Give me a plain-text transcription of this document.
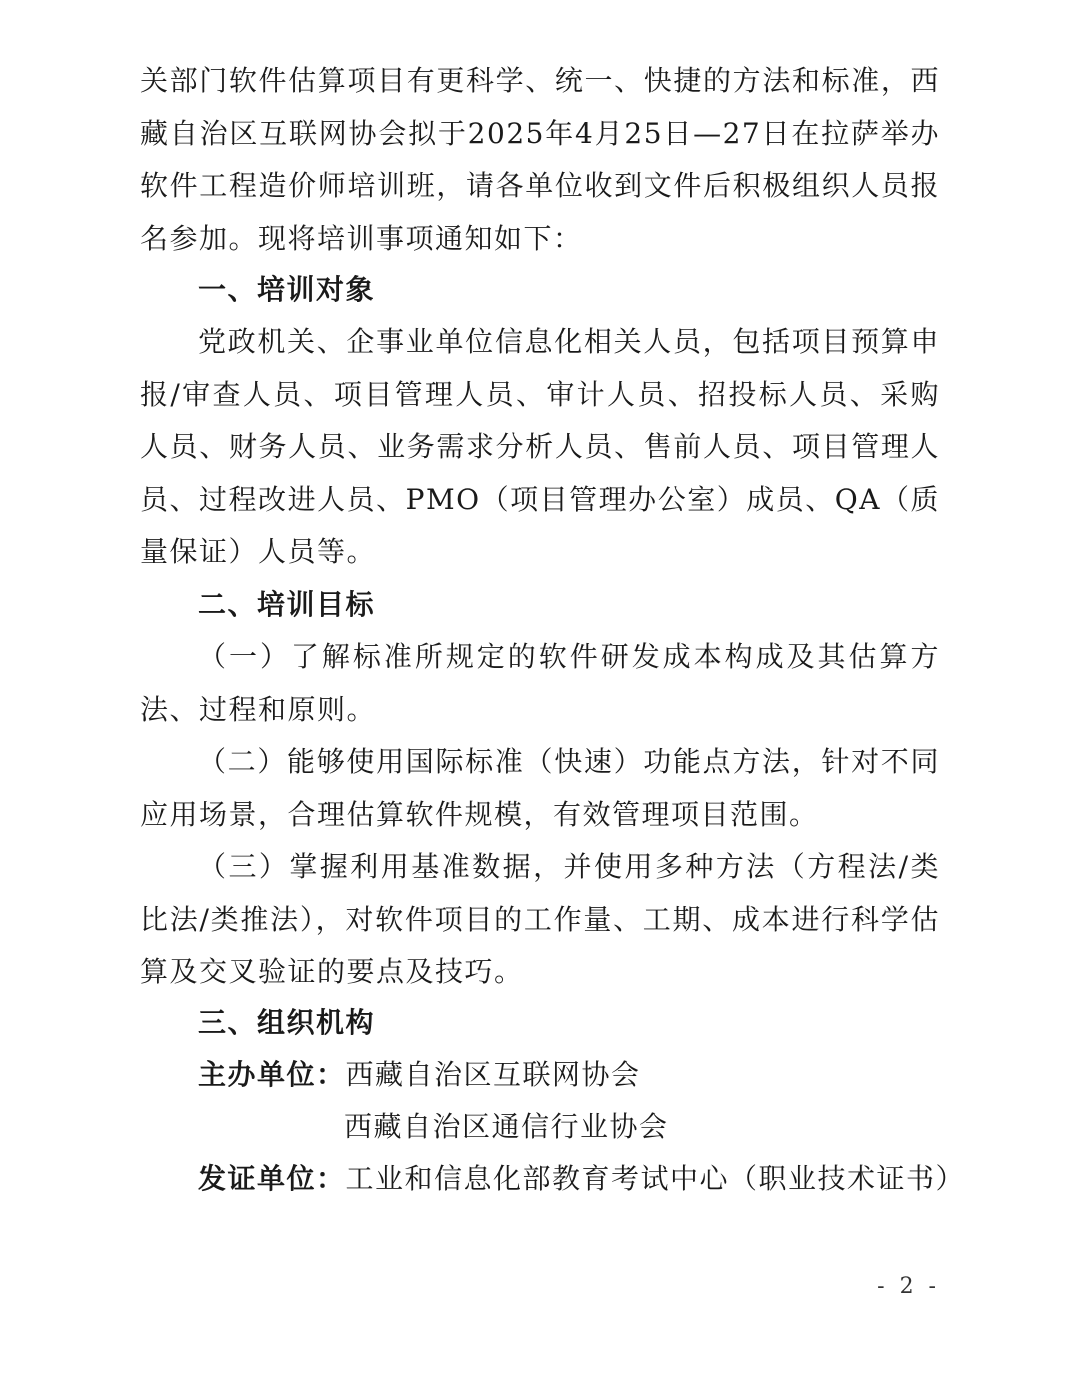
关部门软件估算项目有更科学、统一、快捷的方法和标准，西藏自治区互联网协会拟于2025年4月25日—27日在拉萨举办软件工程造价师培训班，请各单位收到文件后积极组织人员报名参加。现将培训事项通知如下：

一、培训对象

党政机关、企事业单位信息化相关人员，包括项目预算申报/审查人员、项目管理人员、审计人员、招投标人员、采购人员、财务人员、业务需求分析人员、售前人员、项目管理人员、过程改进人员、PMO（项目管理办公室）成员、QA（质量保证）人员等。

二、培训目标

（一）了解标准所规定的软件研发成本构成及其估算方法、过程和原则。

（二）能够使用国际标准（快速）功能点方法，针对不同应用场景，合理估算软件规模，有效管理项目范围。

（三）掌握利用基准数据，并使用多种方法（方程法/类比法/类推法），对软件项目的工作量、工期、成本进行科学估算及交叉验证的要点及技巧。

三、组织机构
主办单位：西藏自治区互联网协会
西藏自治区通信行业协会
发证单位：工业和信息化部教育考试中心（职业技术证书）
- 2 -
